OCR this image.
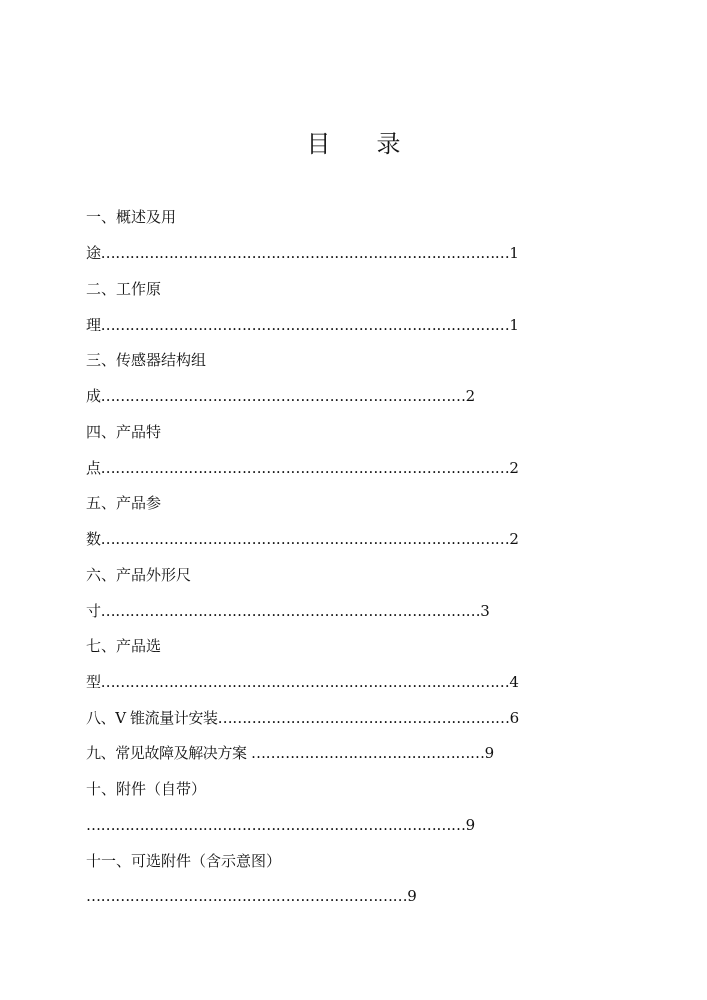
目录
一、概述及用
途…………………………………………………………………………1
二、工作原
理…………………………………………………………………………1
三、传感器结构组
成…………………………………………………………………2
四、产品特
点…………………………………………………………………………2
五、产品参
数…………………………………………………………………………2
六、产品外形尺
寸……………………………………………………………………3
七、产品选
型…………………………………………………………………………4
八、V 锥流量计安装……………………………………………………6
九、常见故障及解决方案 …………………………………………9
十、附件（自带）
……………………………………………………………………9
十一、可选附件（含示意图）
…………………………………………………………9
